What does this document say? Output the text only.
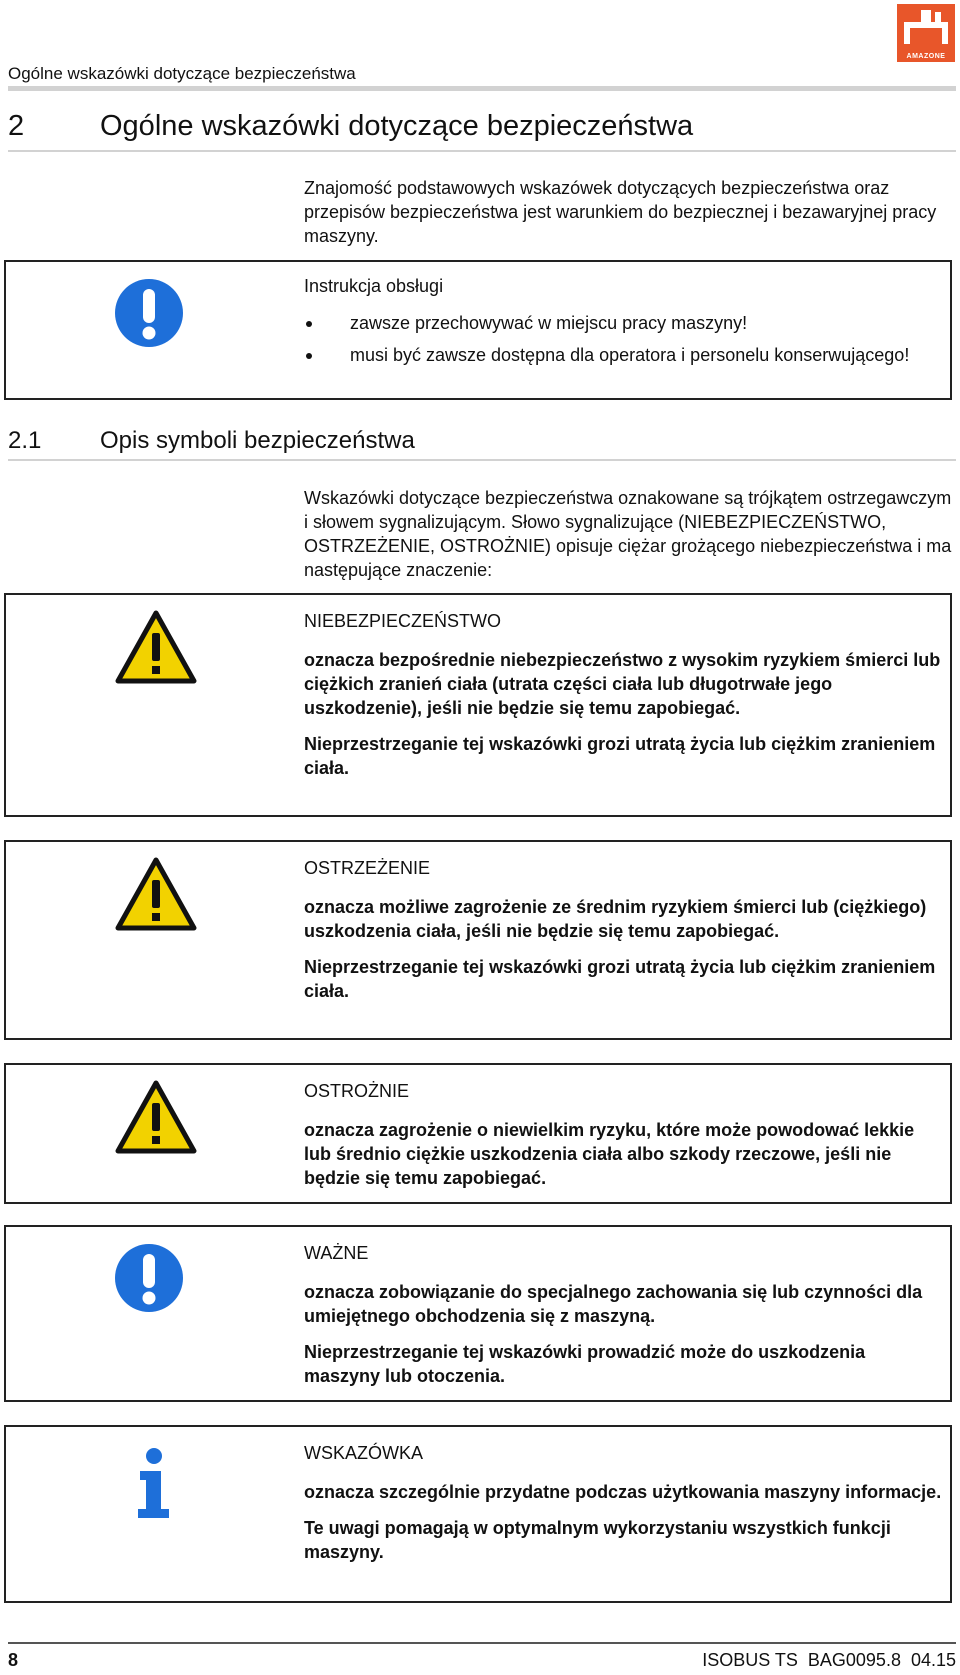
AMAZONE
Ogólne wskazówki dotyczące bezpieczeństwa
2	Ogólne wskazówki dotyczące bezpieczeństwa

Znajomość podstawowych wskazówek dotyczących bezpieczeństwa oraz przepisów bezpieczeństwa jest warunkiem do bezpiecznej i bezawaryjnej pracy maszyny.

Instrukcja obsługi

zawsze przechowywać w miejscu pracy maszyny!
musi być zawsze dostępna dla operatora i personelu konserwującego!
2.1 Opis symboli bezpieczeństwa

Wskazówki dotyczące bezpieczeństwa oznakowane są trójkątem ostrzegawczym i słowem sygnalizującym. Słowo sygnalizujące (NIEBEZPIECZEŃSTWO, OSTRZEŻENIE, OSTROŻNIE) opisuje ciężar grożącego niebezpieczeństwa i ma następujące znaczenie:

NIEBEZPIECZEŃSTWO

oznacza bezpośrednie niebezpieczeństwo z wysokim ryzykiem śmierci lub ciężkich zranień ciała (utrata części ciała lub długotrwałe jego uszkodzenie), jeśli nie będzie się temu zapobiegać.

Nieprzestrzeganie tej wskazówki grozi utratą życia lub ciężkim zranieniem ciała.

OSTRZEŻENIE

oznacza możliwe zagrożenie ze średnim ryzykiem śmierci lub (ciężkiego) uszkodzenia ciała, jeśli nie będzie się temu zapobiegać.

Nieprzestrzeganie tej wskazówki grozi utratą życia lub ciężkim zranieniem ciała.

OSTROŻNIE

oznacza zagrożenie o niewielkim ryzyku, które może powodować lekkie lub średnio ciężkie uszkodzenia ciała albo szkody rzeczowe, jeśli nie będzie się temu zapobiegać.

WAŻNE

oznacza zobowiązanie do specjalnego zachowania się lub czynności dla umiejętnego obchodzenia się z maszyną.

Nieprzestrzeganie tej wskazówki prowadzić może do uszkodzenia maszyny lub otoczenia.

WSKAZÓWKA

oznacza szczególnie przydatne podczas użytkowania maszyny informacje.

Te uwagi pomagają w optymalnym wykorzystaniu wszystkich funkcji maszyny.

8	ISOBUS TS  BAG0095.8  04.15
